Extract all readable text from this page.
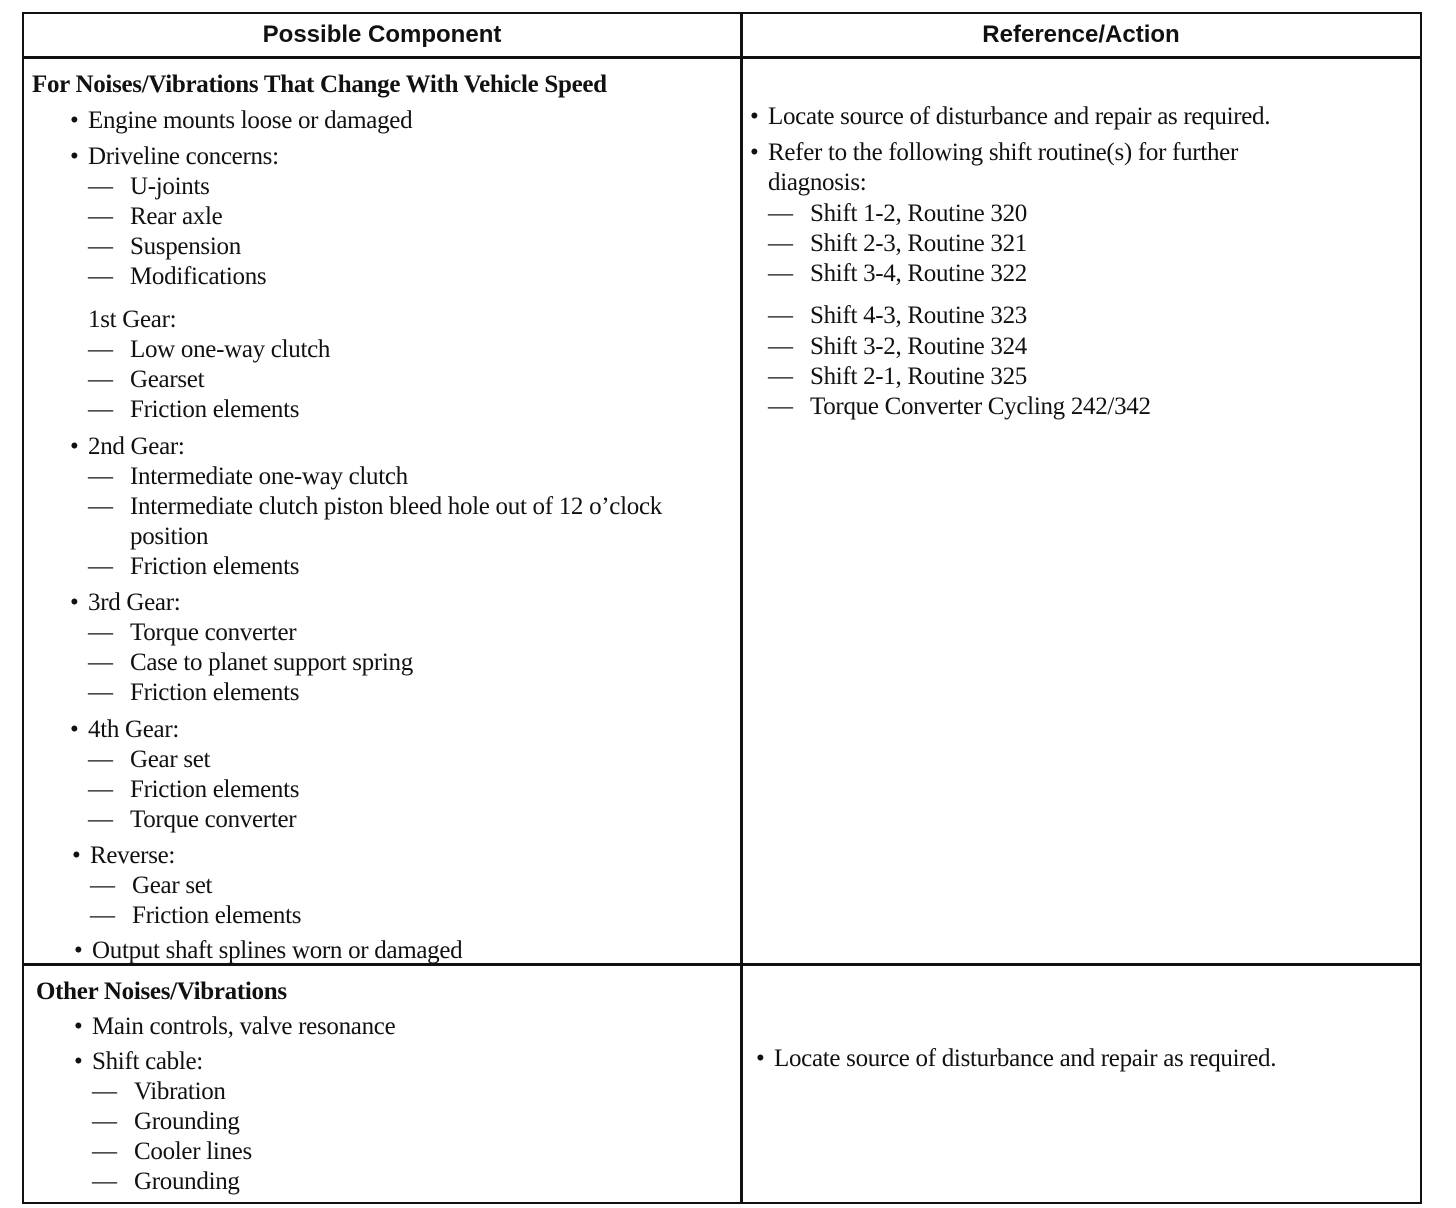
Possible Component	Reference/Action
For Noises/Vibrations That Change With Vehicle Speed
• Engine mounts loose or damaged
• Driveline concerns:
— U-joints
— Rear axle
— Suspension
— Modifications
1st Gear:
— Low one-way clutch
— Gearset
— Friction elements
• 2nd Gear:
— Intermediate one-way clutch
— Intermediate clutch piston bleed hole out of 12 o’clock
position
— Friction elements
• 3rd Gear:
— Torque converter
— Case to planet support spring
— Friction elements
• 4th Gear:
— Gear set
— Friction elements
— Torque converter
• Reverse:
— Gear set
— Friction elements
• Output shaft splines worn or damaged
• Locate source of disturbance and repair as required.
• Refer to the following shift routine(s) for further
diagnosis:
— Shift 1-2, Routine 320
— Shift 2-3, Routine 321
— Shift 3-4, Routine 322
— Shift 4-3, Routine 323
— Shift 3-2, Routine 324
— Shift 2-1, Routine 325
— Torque Converter Cycling 242/342
Other Noises/Vibrations
• Main controls, valve resonance
• Shift cable:
— Vibration
— Grounding
— Cooler lines
— Grounding
• Locate source of disturbance and repair as required.
